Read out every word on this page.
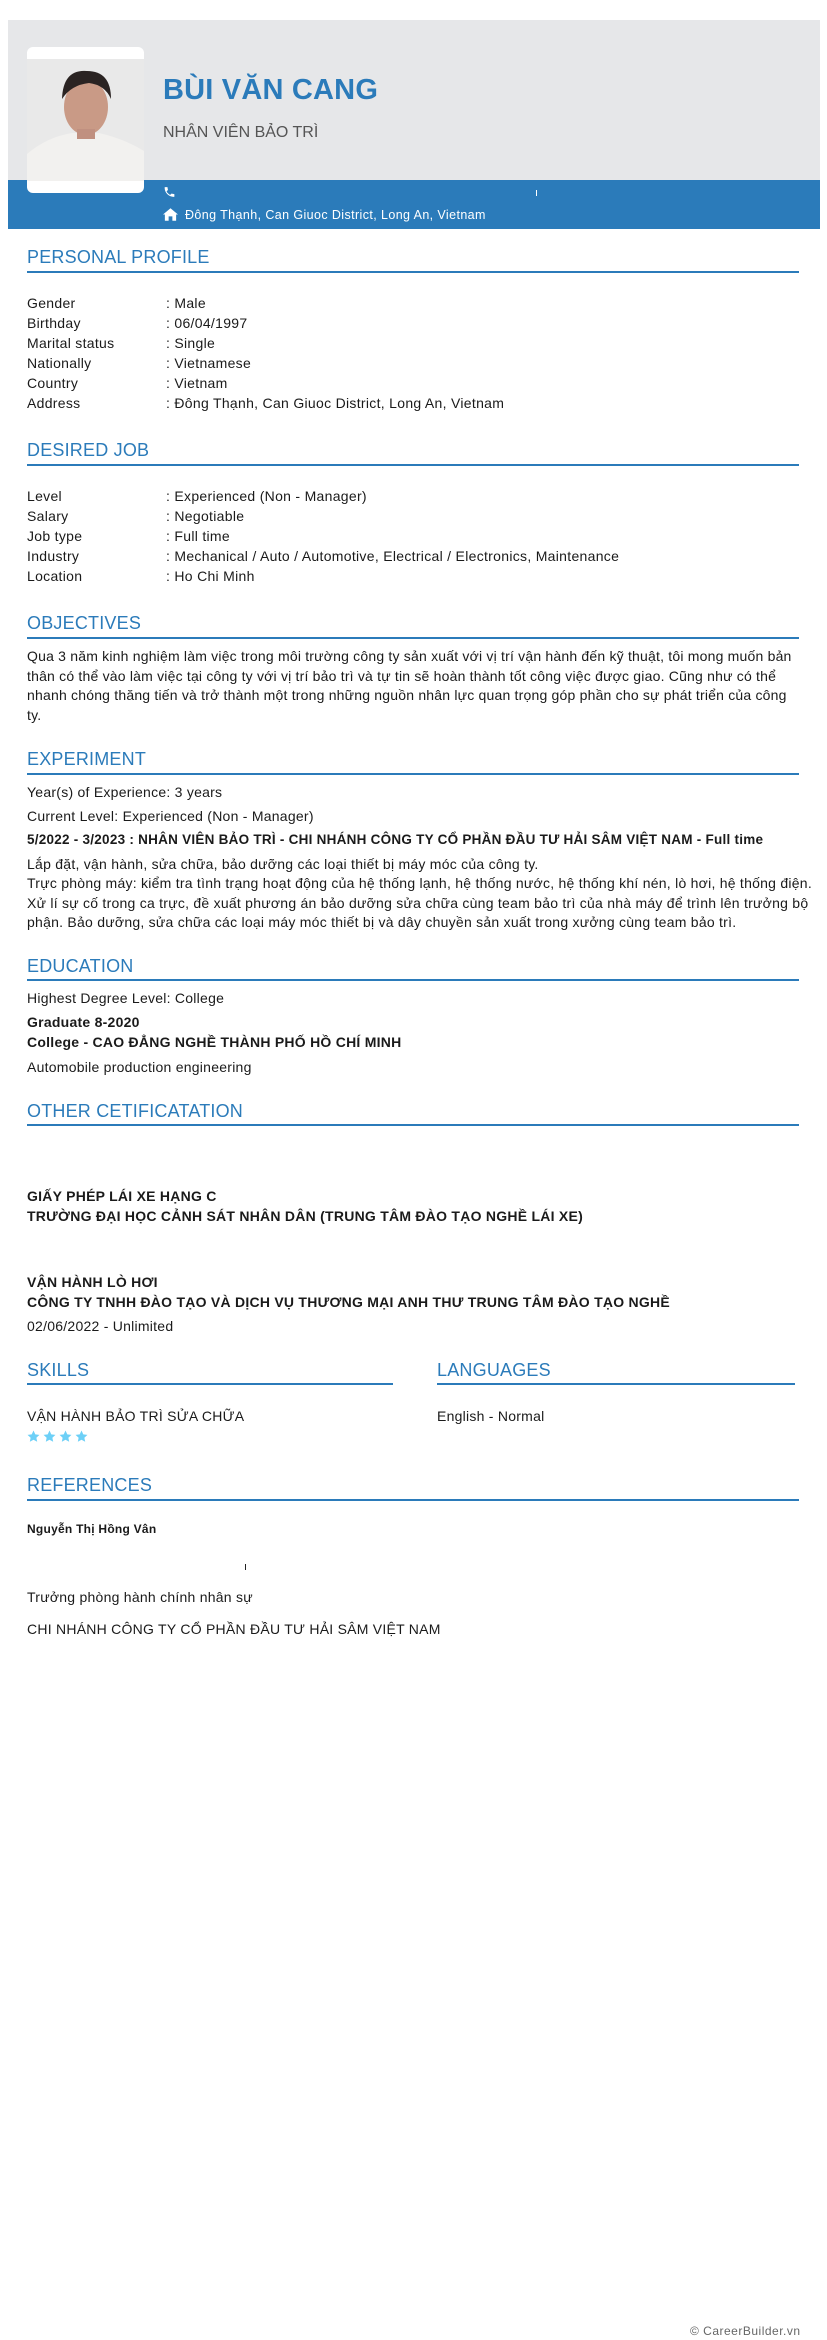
BÙI VĂN CANG
NHÂN VIÊN BẢO TRÌ
Đông Thạnh, Can Giuoc District, Long An, Vietnam
PERSONAL PROFILE
Gender	: Male
Birthday	: 06/04/1997
Marital status	: Single
Nationally	: Vietnamese
Country	: Vietnam
Address	: Đông Thạnh, Can Giuoc District, Long An, Vietnam
DESIRED JOB
Level	: Experienced (Non - Manager)
Salary	: Negotiable
Job type	: Full time
Industry	: Mechanical / Auto / Automotive, Electrical / Electronics, Maintenance
Location	: Ho Chi Minh
OBJECTIVES
Qua 3 năm kinh nghiệm làm việc trong môi trường công ty sản xuất với vị trí vận hành đến kỹ thuật, tôi mong muốn bản thân có thể vào làm việc tại công ty với vị trí bảo trì và tự tin sẽ hoàn thành tốt công việc được giao. Cũng như có thể nhanh chóng thăng tiến và trở thành một trong những nguồn nhân lực quan trọng góp phần cho sự phát triển của công ty.
EXPERIMENT
Year(s) of Experience: 3 years
Current Level: Experienced (Non - Manager)
5/2022 - 3/2023 : NHÂN VIÊN BẢO TRÌ - CHI NHÁNH CÔNG TY CỔ PHẦN ĐẦU TƯ HẢI SÂM VIỆT NAM - Full time
Lắp đặt, vận hành, sửa chữa, bảo dưỡng các loại thiết bị máy móc của công ty.
Trực phòng máy: kiểm tra tình trạng hoạt động của hệ thống lạnh, hệ thống nước, hệ thống khí nén, lò hơi, hệ thống điện.
Xử lí sự cố trong ca trực, đề xuất phương án bảo dưỡng sửa chữa cùng team bảo trì của nhà máy để trình lên trưởng bộ
phận. Bảo dưỡng, sửa chữa các loại máy móc thiết bị và dây chuyền sản xuất trong xưởng cùng team bảo trì.
EDUCATION
Highest Degree Level: College
Graduate 8-2020
College - CAO ĐẲNG NGHỀ THÀNH PHỐ HỒ CHÍ MINH
Automobile production engineering
OTHER CETIFICATATION
GIẤY PHÉP LÁI XE HẠNG C
TRƯỜNG ĐẠI HỌC CẢNH SÁT NHÂN DÂN (TRUNG TÂM ĐÀO TẠO NGHỀ LÁI XE)
VẬN HÀNH LÒ HƠI
CÔNG TY TNHH ĐÀO TẠO VÀ DỊCH VỤ THƯƠNG MẠI ANH THƯ TRUNG TÂM ĐÀO TẠO NGHỀ
02/06/2022 - Unlimited
SKILLS
VẬN HÀNH BẢO TRÌ SỬA CHỮA
LANGUAGES
English - Normal
REFERENCES
Nguyễn Thị Hồng Vân
Trưởng phòng hành chính nhân sự
CHI NHÁNH CÔNG TY CỔ PHẦN ĐẦU TƯ HẢI SÂM VIỆT NAM
© CareerBuilder.vn
